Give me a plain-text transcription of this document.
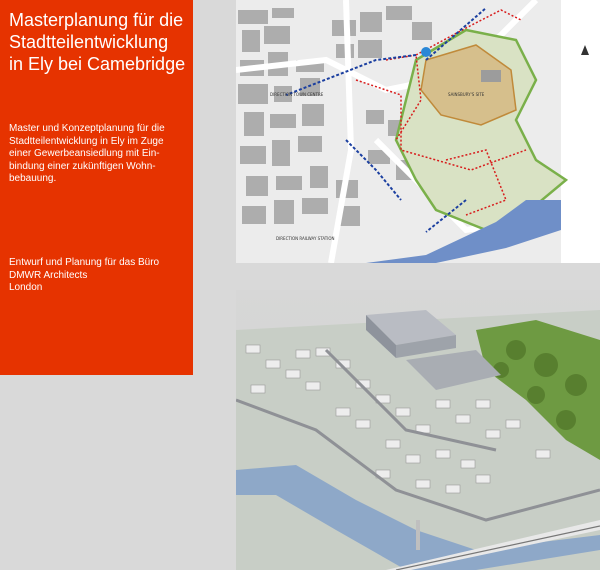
Masterplanung für die
Stadtteilentwicklung
in Ely bei Camebridge

Master und Konzeptplanung für die
Stadtteilentwicklung in Ely im Zuge
einer Gewerbeansiedlung mit Ein-
bindung einer zukünftigen Wohn-
bebauung.

Entwurf und Planung für das Büro
DMWR Architects
London

DIRECTION TOWN CENTRE	SAINSBURY'S SITE
DIRECTION RAILWAY STATION
